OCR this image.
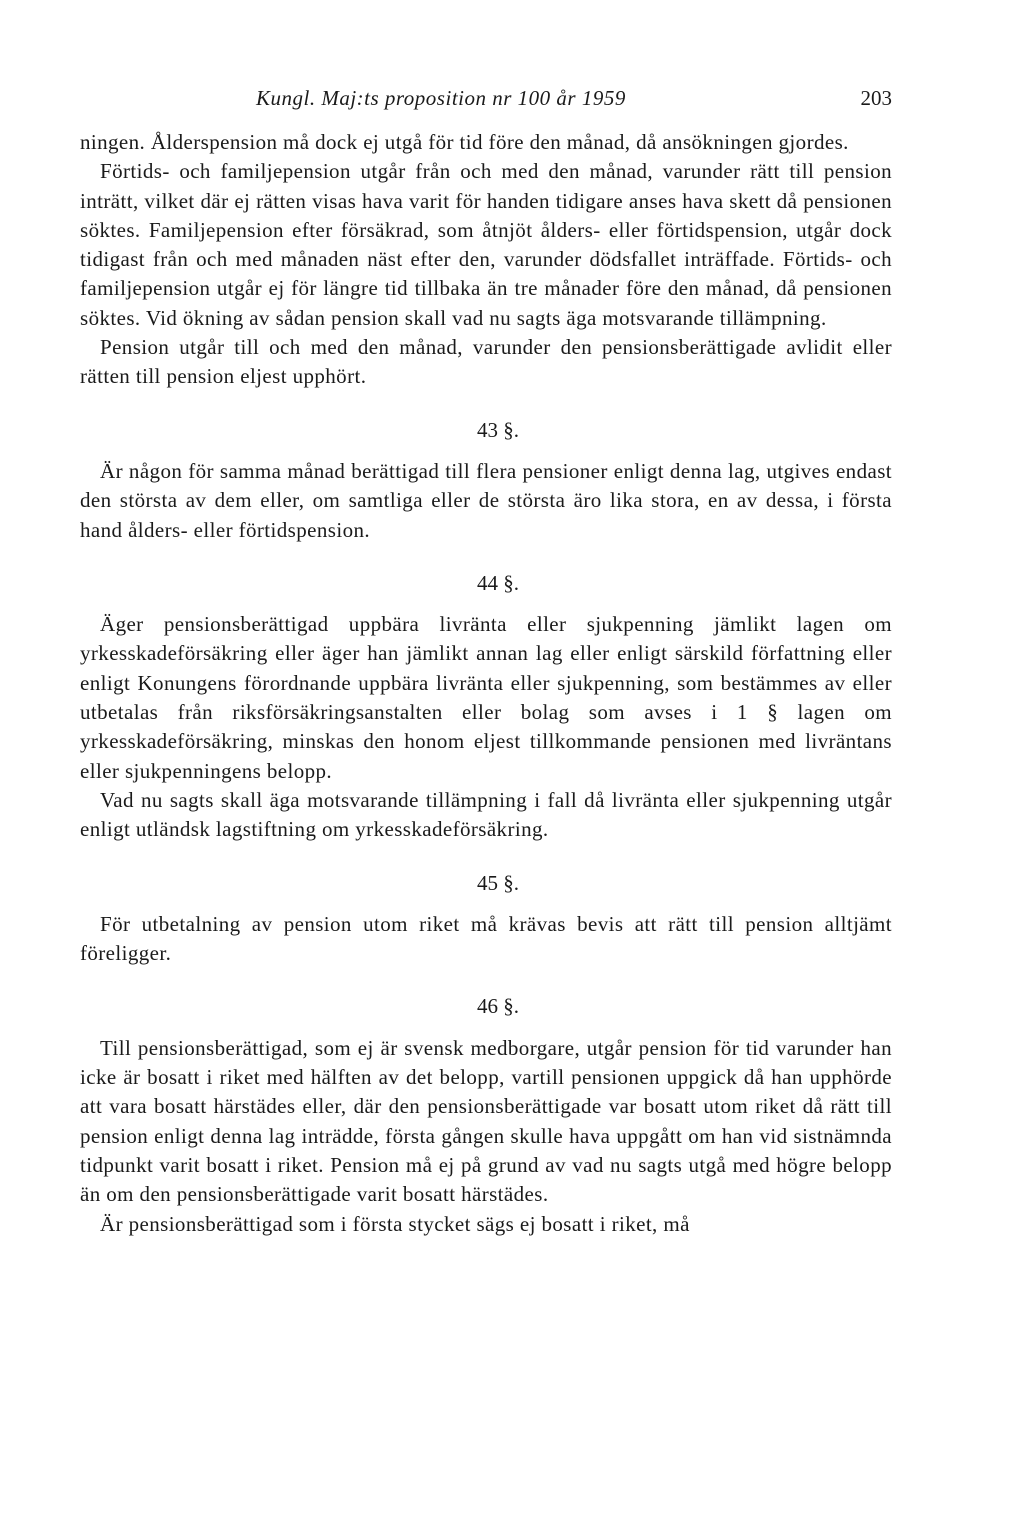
Kungl. Maj:ts proposition nr 100 år 1959	203

ningen. Ålderspension må dock ej utgå för tid före den månad, då ansökningen gjordes.

Förtids- och familjepension utgår från och med den månad, varunder rätt till pension inträtt, vilket där ej rätten visas hava varit för handen tidigare anses hava skett då pensionen söktes. Familjepension efter försäkrad, som åtnjöt ålders- eller förtidspension, utgår dock tidigast från och med månaden näst efter den, varunder dödsfallet inträffade. Förtids- och familjepension utgår ej för längre tid tillbaka än tre månader före den månad, då pensionen söktes. Vid ökning av sådan pension skall vad nu sagts äga motsvarande tillämpning.

Pension utgår till och med den månad, varunder den pensionsberättigade avlidit eller rätten till pension eljest upphört.

43 §.

Är någon för samma månad berättigad till flera pensioner enligt denna lag, utgives endast den största av dem eller, om samtliga eller de största äro lika stora, en av dessa, i första hand ålders- eller förtidspension.

44 §.

Äger pensionsberättigad uppbära livränta eller sjukpenning jämlikt lagen om yrkesskadeförsäkring eller äger han jämlikt annan lag eller enligt särskild författning eller enligt Konungens förordnande uppbära livränta eller sjukpenning, som bestämmes av eller utbetalas från riksförsäkringsanstalten eller bolag som avses i 1 § lagen om yrkesskadeförsäkring, minskas den honom eljest tillkommande pensionen med livräntans eller sjukpenningens belopp.

Vad nu sagts skall äga motsvarande tillämpning i fall då livränta eller sjukpenning utgår enligt utländsk lagstiftning om yrkesskadeförsäkring.

45 §.

För utbetalning av pension utom riket må krävas bevis att rätt till pension alltjämt föreligger.

46 §.

Till pensionsberättigad, som ej är svensk medborgare, utgår pension för tid varunder han icke är bosatt i riket med hälften av det belopp, vartill pensionen uppgick då han upphörde att vara bosatt härstädes eller, där den pensionsberättigade var bosatt utom riket då rätt till pension enligt denna lag inträdde, första gången skulle hava uppgått om han vid sistnämnda tidpunkt varit bosatt i riket. Pension må ej på grund av vad nu sagts utgå med högre belopp än om den pensionsberättigade varit bosatt härstädes.

Är pensionsberättigad som i första stycket sägs ej bosatt i riket, må
